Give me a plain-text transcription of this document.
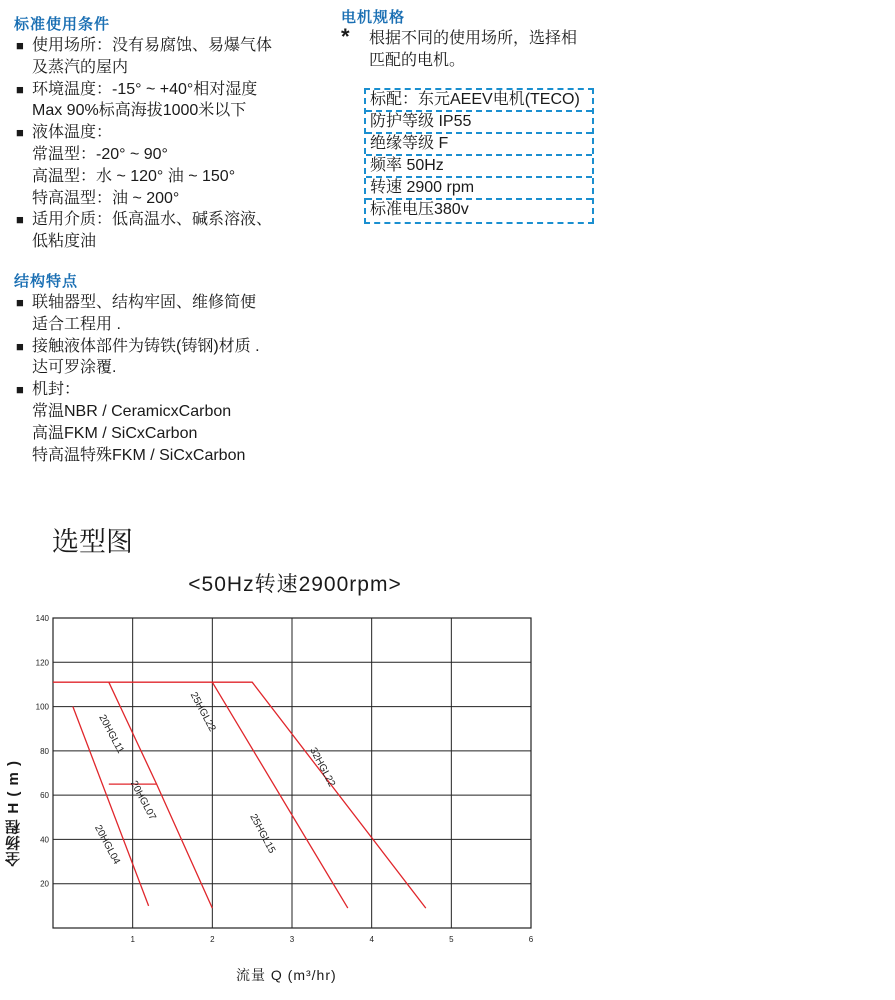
标准使用条件
■ 使用场所：没有易腐蚀、易爆气体
及蒸汽的屋内
■ 环境温度：-15° ~ +40°相对湿度
Max 90%标高海拔1000米以下
■ 液体温度：
常温型：-20° ~ 90°
高温型：水 ~ 120° 油 ~ 150°
特高温型：油 ~ 200°
■ 适用介质：低高温水、碱系溶液、
低粘度油
结构特点
■ 联轴器型、结构牢固、维修简便
适合工程用 .
■ 接触液体部件为铸铁(铸钢)材质 .
达可罗涂覆.
■ 机封：
常温NBR / CeramicxCarbon
高温FKM / SiCxCarbon
特高温特殊FKM / SiCxCarbon
电机规格
*	根据不同的使用场所，选择相
匹配的电机。
标配：东元AEEV电机(TECO)
防护等级 IP55
绝缘等级 F
频率 50Hz
转速 2900 rpm
标准电压380v
选型图
<50Hz转速2900rpm>
1	2	3	4	5	6
20
40
60
80
100
120
140
20HGL04
20HGL07
20HGL11
25HGL22
25HGL15
32HGL22
全扬程 H ( m )
流量 Q (m³/hr)
